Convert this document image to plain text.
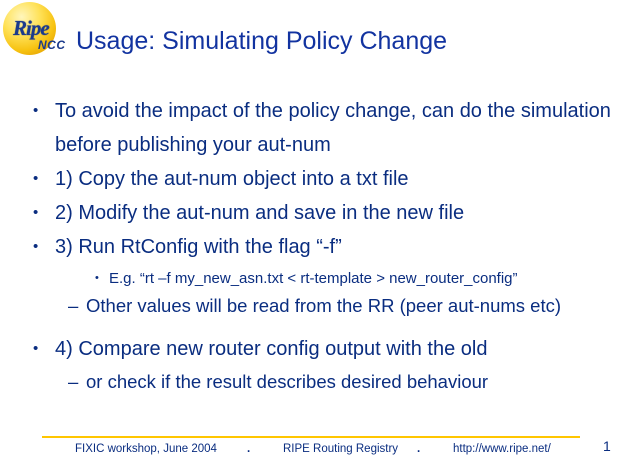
Ripe
NCC Usage: Simulating Policy Change
• To avoid the impact of the policy change, can do the simulation before publishing your aut-num
• 1) Copy the aut-num object into a txt file
• 2) Modify the aut-num and save in the new file
• 3) Run RtConfig with the flag “-f”
• E.g. “rt –f my_new_asn.txt < rt-template > new_router_config”
– Other values will be read from the RR (peer aut-nums etc)
• 4) Compare new router config output with the old
– or check if the result describes desired behaviour
FIXIC workshop, June 2004	.	RIPE Routing Registry .	http://www.ripe.net/	1
